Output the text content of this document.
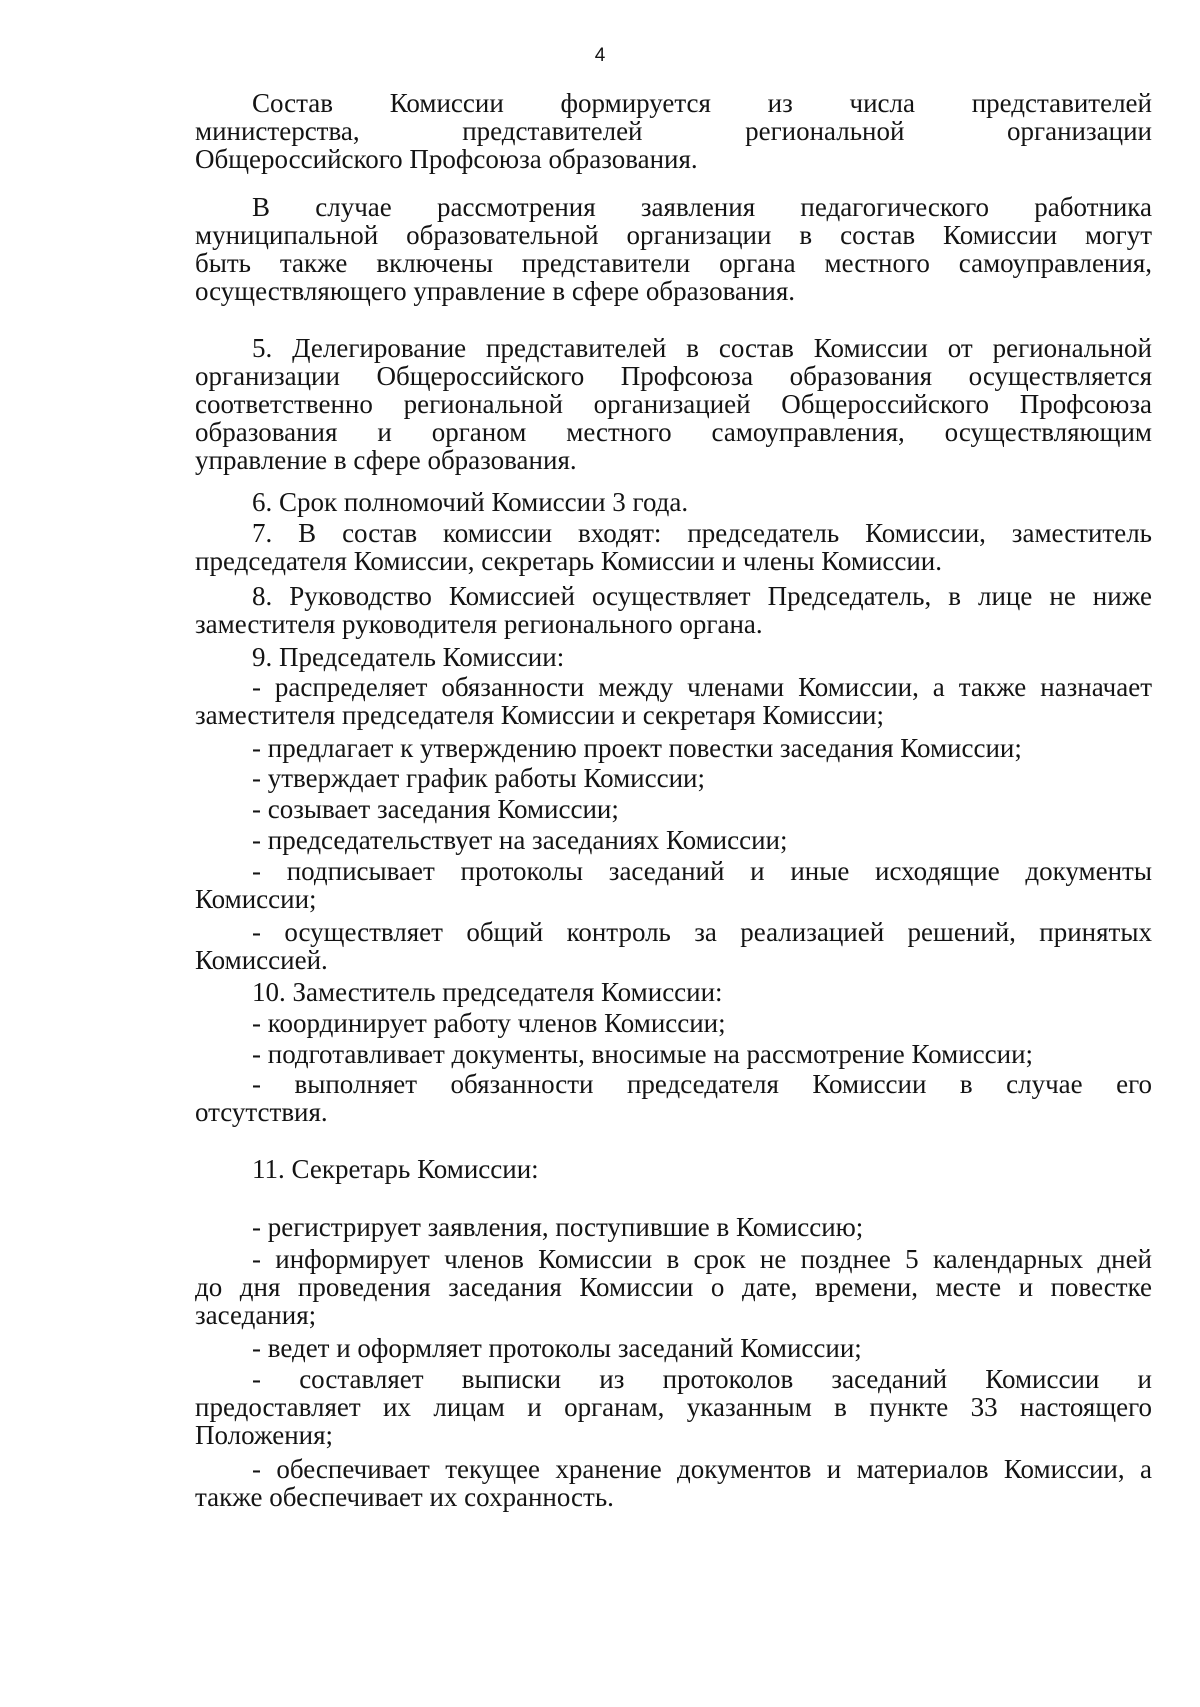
4
Состав Комиссии формируется из числа представителей
министерства, представителей региональной организации
Общероссийского Профсоюза образования.
В случае рассмотрения заявления педагогического работника
муниципальной образовательной организации в состав Комиссии могут
быть также включены представители органа местного самоуправления,
осуществляющего управление в сфере образования.
5. Делегирование представителей в состав Комиссии от региональной
организации Общероссийского Профсоюза образования осуществляется
соответственно региональной организацией Общероссийского Профсоюза
образования и органом местного самоуправления, осуществляющим
управление в сфере образования.
6. Срок полномочий Комиссии 3 года.
7. В состав комиссии входят: председатель Комиссии, заместитель
председателя Комиссии, секретарь Комиссии и члены Комиссии.
8. Руководство Комиссией осуществляет Председатель, в лице не ниже
заместителя руководителя регионального органа.
9. Председатель Комиссии:
- распределяет обязанности между членами Комиссии, а также назначает
заместителя председателя Комиссии и секретаря Комиссии;
- предлагает к утверждению проект повестки заседания Комиссии;
- утверждает график работы Комиссии;
- созывает заседания Комиссии;
- председательствует на заседаниях Комиссии;
- подписывает протоколы заседаний и иные исходящие документы
Комиссии;
- осуществляет общий контроль за реализацией решений, принятых
Комиссией.
10. Заместитель председателя Комиссии:
- координирует работу членов Комиссии;
- подготавливает документы, вносимые на рассмотрение Комиссии;
- выполняет обязанности председателя Комиссии в случае его
отсутствия.
11. Секретарь Комиссии:
- регистрирует заявления, поступившие в Комиссию;
- информирует членов Комиссии в срок не позднее 5 календарных дней
до дня проведения заседания Комиссии о дате, времени, месте и повестке
заседания;
- ведет и оформляет протоколы заседаний Комиссии;
- составляет выписки из протоколов заседаний Комиссии и
предоставляет их лицам и органам, указанным в пункте 33 настоящего
Положения;
- обеспечивает текущее хранение документов и материалов Комиссии, а
также обеспечивает их сохранность.
